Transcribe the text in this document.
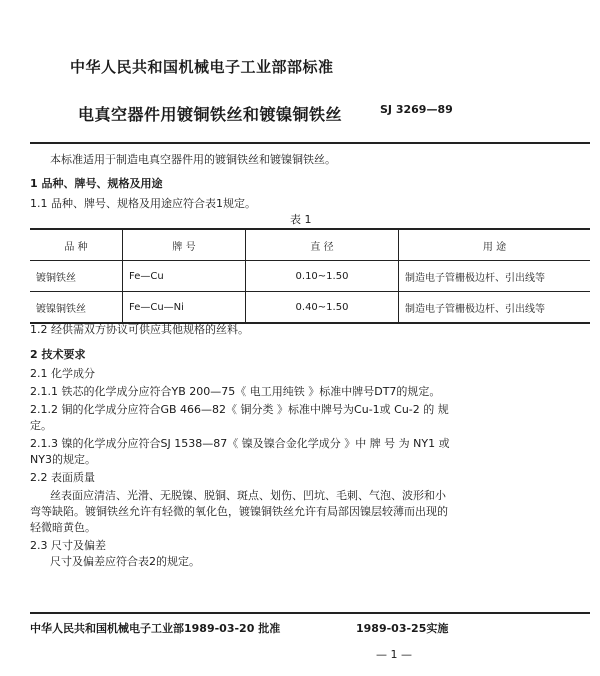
中华人民共和国机械电子工业部部标准
电真空器件用镀铜铁丝和镀镍铜铁丝	SJ 3269—89
本标准适用于制造电真空器件用的镀铜铁丝和镀镍铜铁丝。
1 品种、牌号、规格及用途
1.1 品种、牌号、规格及用途应符合表1规定。
表 1
品 种	牌 号	直 径	用 途
镀铜铁丝	Fe—Cu	0.10~1.50	制造电子管栅极边杆、引出线等
镀镍铜铁丝	Fe—Cu—Ni	0.40~1.50	制造电子管栅极边杆、引出线等
1.2 经供需双方协议可供应其他规格的丝料。
2 技术要求
2.1 化学成分
2.1.1 铁芯的化学成分应符合YB 200—75《 电工用纯铁 》标准中牌号DT7的规定。
2.1.2 铜的化学成分应符合GB 466—82《 铜分类 》标准中牌号为Cu-1或 Cu-2 的 规
定。
2.1.3 镍的化学成分应符合SJ 1538—87《 镍及镍合金化学成分 》中 牌 号 为 NY1 或
NY3的规定。
2.2 表面质量
丝表面应清洁、光滑、无脱镍、脱铜、斑点、划伤、凹坑、毛刺、气泡、波形和小
弯等缺陷。镀铜铁丝允许有轻微的氧化色，镀镍铜铁丝允许有局部因镍层较薄而出现的
轻微暗黄色。
2.3 尺寸及偏差
尺寸及偏差应符合表2的规定。
中华人民共和国机械电子工业部1989-03-20 批准	1989-03-25实施
— 1 —
